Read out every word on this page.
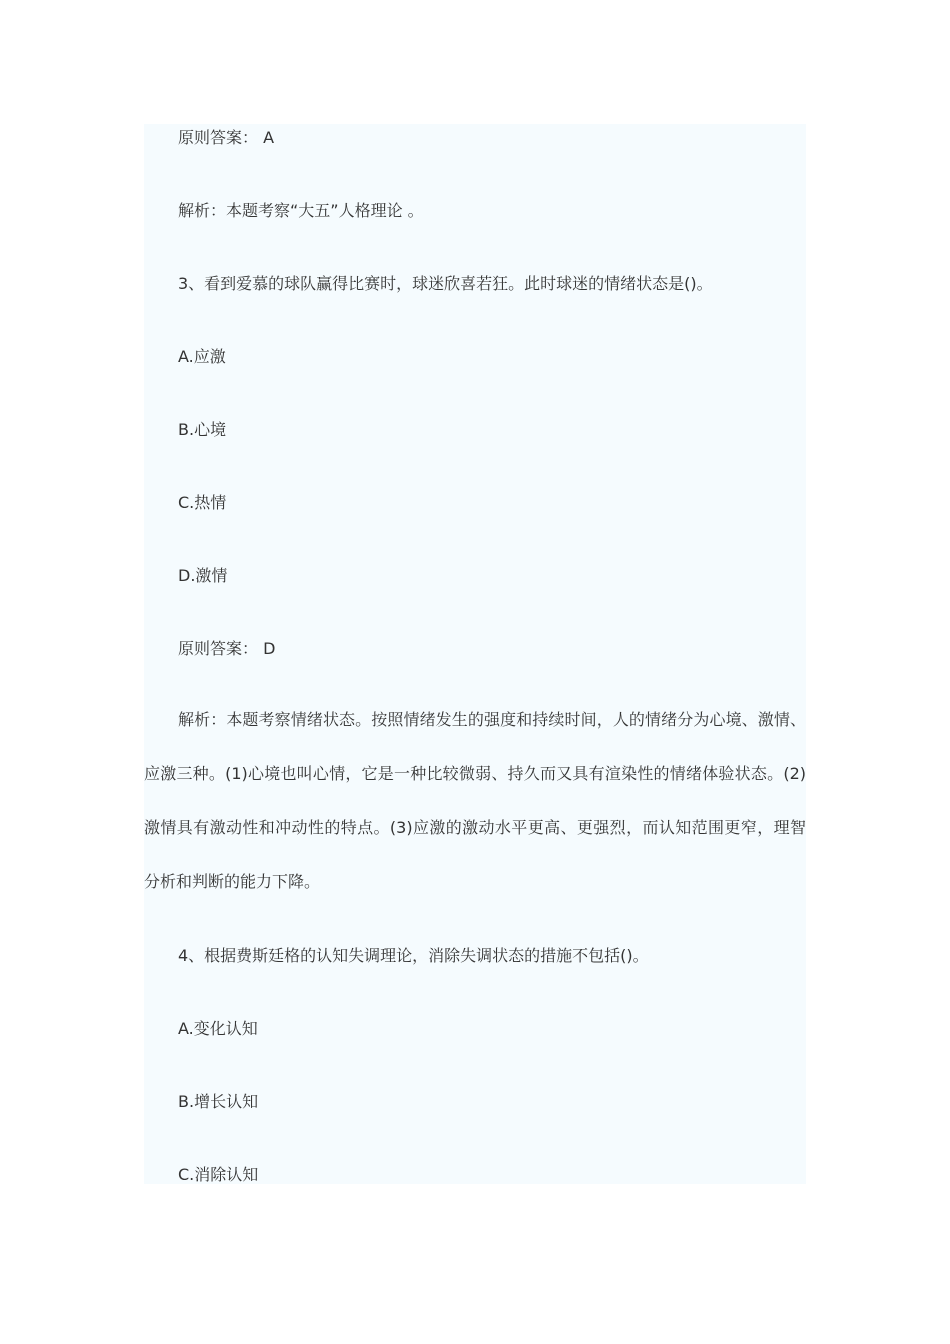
原则答案： A
解析：本题考察“大五”人格理论 。
3、看到爱慕的球队赢得比赛时，球迷欣喜若狂。此时球迷的情绪状态是()。
A.应激
B.心境
C.热情
D.激情
原则答案： D
解析：本题考察情绪状态。按照情绪发生的强度和持续时间，人的情绪分为心境、激情、应激三种。(1)心境也叫心情，它是一种比较微弱、持久而又具有渲染性的情绪体验状态。(2)激情具有激动性和冲动性的特点。(3)应激的激动水平更高、更强烈，而认知范围更窄，理智分析和判断的能力下降。
4、根据费斯廷格的认知失调理论，消除失调状态的措施不包括()。
A.变化认知
B.增长认知
C.消除认知
